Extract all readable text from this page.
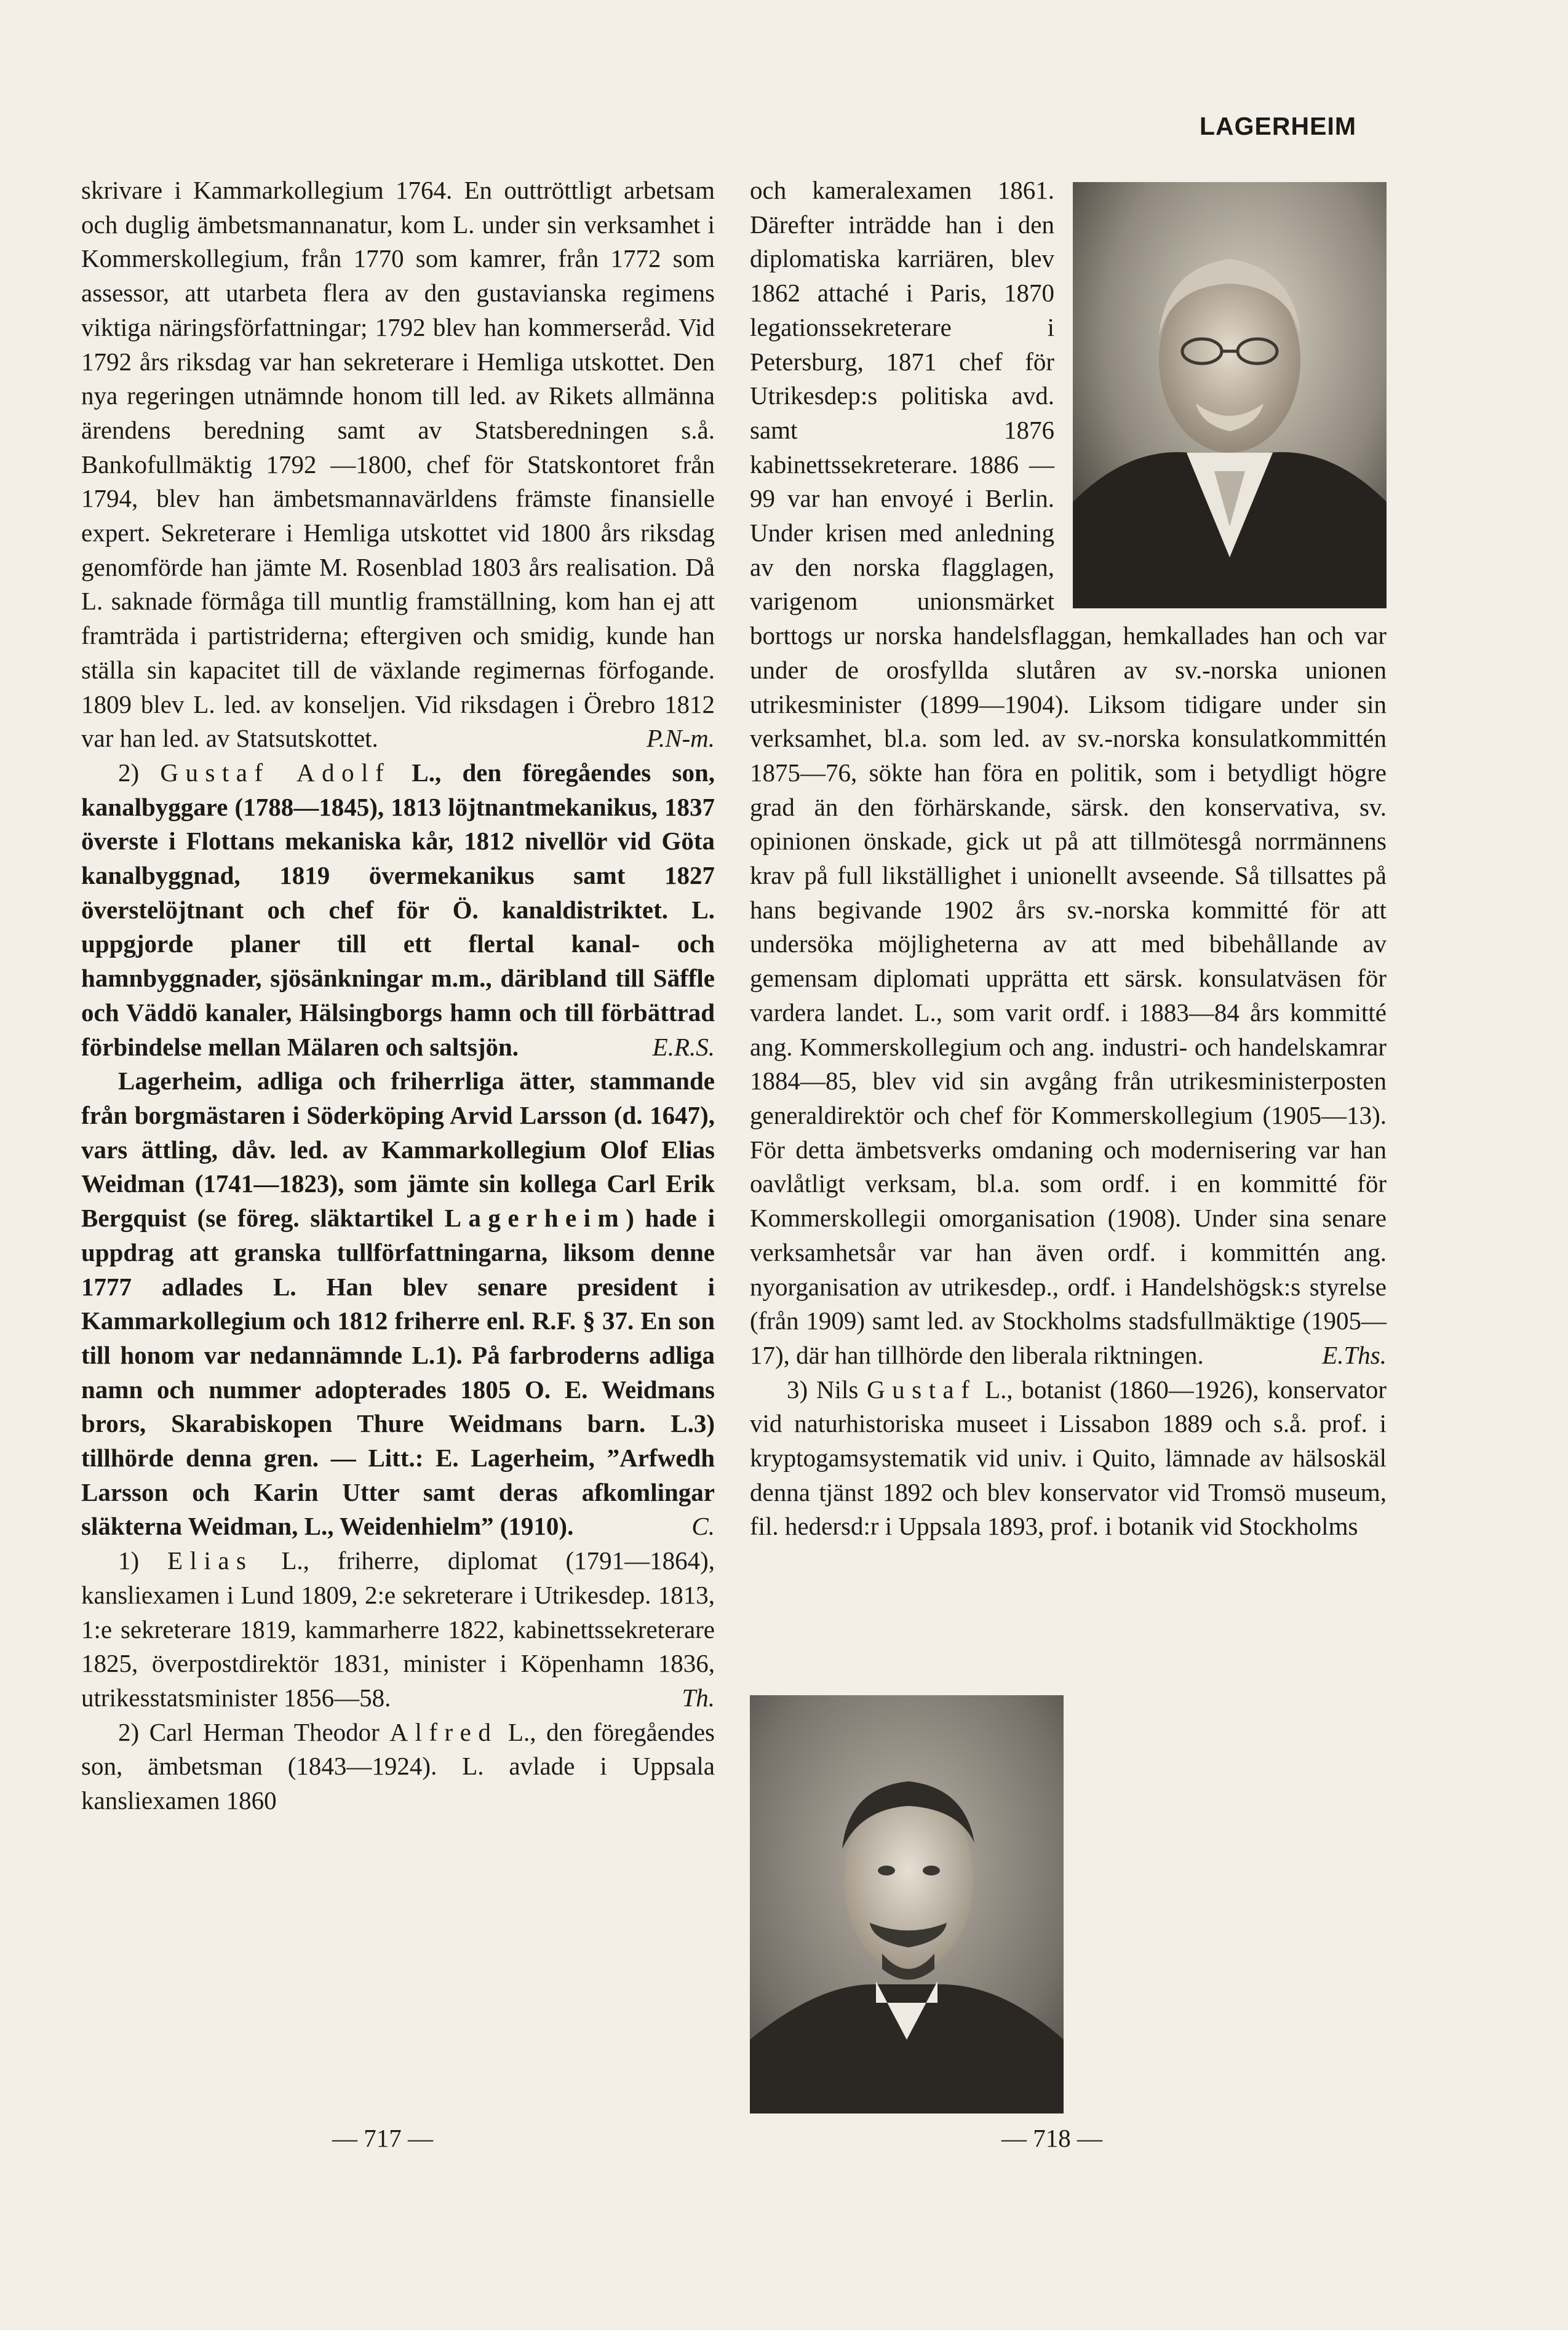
LAGERHEIM

skrivare i Kammarkollegium 1764. En outtröttligt arbetsam och duglig ämbetsmannanatur, kom L. under sin verksamhet i Kommerskollegium, från 1770 som kamrer, från 1772 som assessor, att utarbeta flera av den gustavianska regimens viktiga näringsförfattningar; 1792 blev han kommerseråd. Vid 1792 års riksdag var han sekreterare i Hemliga utskottet. Den nya regeringen utnämnde honom till led. av Rikets allmänna ärendens beredning samt av Statsberedningen s.å. Bankofullmäktig 1792 —1800, chef för Statskontoret från 1794, blev han ämbetsmannavärldens främste finansielle expert. Sekreterare i Hemliga utskottet vid 1800 års riksdag genomförde han jämte M. Rosenblad 1803 års realisation. Då L. saknade förmåga till muntlig framställning, kom han ej att framträda i partistriderna; eftergiven och smidig, kunde han ställa sin kapacitet till de växlande regimernas förfogande. 1809 blev L. led. av konseljen. Vid riksdagen i Örebro 1812 var han led. av Statsutskottet.	P.N-m.

2) Gustaf Adolf L., den föregåendes son, kanalbyggare (1788—1845), 1813 löjtnantmekanikus, 1837 överste i Flottans mekaniska kår, 1812 nivellör vid Göta kanalbyggnad, 1819 övermekanikus samt 1827 överstelöjtnant och chef för Ö. kanaldistriktet. L. uppgjorde planer till ett flertal kanal- och hamnbyggnader, sjösänkningar m.m., däribland till Säffle och Väddö kanaler, Hälsingborgs hamn och till förbättrad förbindelse mellan Mälaren och saltsjön.	E.R.S.

Lagerheim, adliga och friherrliga ätter, stammande från borgmästaren i Söderköping Arvid Larsson (d. 1647), vars ättling, dåv. led. av Kammarkollegium Olof Elias Weidman (1741—1823), som jämte sin kollega Carl Erik Bergquist (se föreg. släktartikel Lagerheim) hade i uppdrag att granska tullförfattningarna, liksom denne 1777 adlades L. Han blev senare president i Kammarkollegium och 1812 friherre enl. R.F. § 37. En son till honom var nedannämnde L.1). På farbroderns adliga namn och nummer adopterades 1805 O. E. Weidmans brors, Skarabiskopen Thure Weidmans barn. L.3) tillhörde denna gren. — Litt.: E. Lagerheim, ”Arfwedh Larsson och Karin Utter samt deras afkomlingar släkterna Weidman, L., Weidenhielm” (1910).	C.

1) Elias L., friherre, diplomat (1791—1864), kansliexamen i Lund 1809, 2:e sekreterare i Utrikesdep. 1813, 1:e sekreterare 1819, kammarherre 1822, kabinettssekreterare 1825, överpostdirektör 1831, minister i Köpenhamn 1836, utrikesstatsminister 1856—58.	Th.

2) Carl Herman Theodor Alfred L., den föregåendes son, ämbetsman (1843—1924). L. avlade i Uppsala kansliexamen 1860

och kameralexamen 1861. Därefter inträdde han i den diplomatiska karriären, blev 1862 attaché i Paris, 1870 legationssekreterare i Petersburg, 1871 chef för Utrikesdep:s politiska avd. samt 1876 kabinettssekreterare. 1886 —99 var han envoyé i Berlin. Under krisen med anledning av den norska flagglagen, varigenom unionsmärket borttogs ur norska handelsflaggan, hemkallades han och var under de orosfyllda slutåren av sv.-norska unionen utrikesminister (1899—1904). Liksom tidigare under sin verksamhet, bl.a. som led. av sv.-norska konsulatkommittén 1875—76, sökte han föra en politik, som i betydligt högre grad än den förhärskande, särsk. den konservativa, sv. opinionen önskade, gick ut på att tillmötesgå norrmännens krav på full likställighet i unionellt avseende. Så tillsattes på hans begivande 1902 års sv.-norska kommitté för att undersöka möjligheterna av att med bibehållande av gemensam diplomati upprätta ett särsk. konsulatväsen för vardera landet. L., som varit ordf. i 1883—84 års kommitté ang. Kommerskollegium och ang. industri- och handelskamrar 1884—85, blev vid sin avgång från utrikesministerposten generaldirektör och chef för Kommerskollegium (1905—13). För detta ämbetsverks omdaning och modernisering var han oavlåtligt verksam, bl.a. som ordf. i en kommitté för Kommerskollegii omorganisation (1908). Under sina senare verksamhetsår var han även ordf. i kommittén ang. nyorganisation av utrikesdep., ordf. i Handelshögsk:s styrelse (från 1909) samt led. av Stockholms stadsfullmäktige (1905—17), där han tillhörde den liberala riktningen.	E.Ths.

3) Nils Gustaf L., botanist (1860—1926), konservator vid naturhistoriska museet i Lissabon 1889 och s.å. prof. i kryptogamsystematik vid univ. i Quito, lämnade av hälsoskäl denna tjänst 1892 och blev konservator vid Tromsö museum, fil. hedersd:r i Uppsala 1893, prof. i botanik vid Stockholms

— 717 —	— 718 —
